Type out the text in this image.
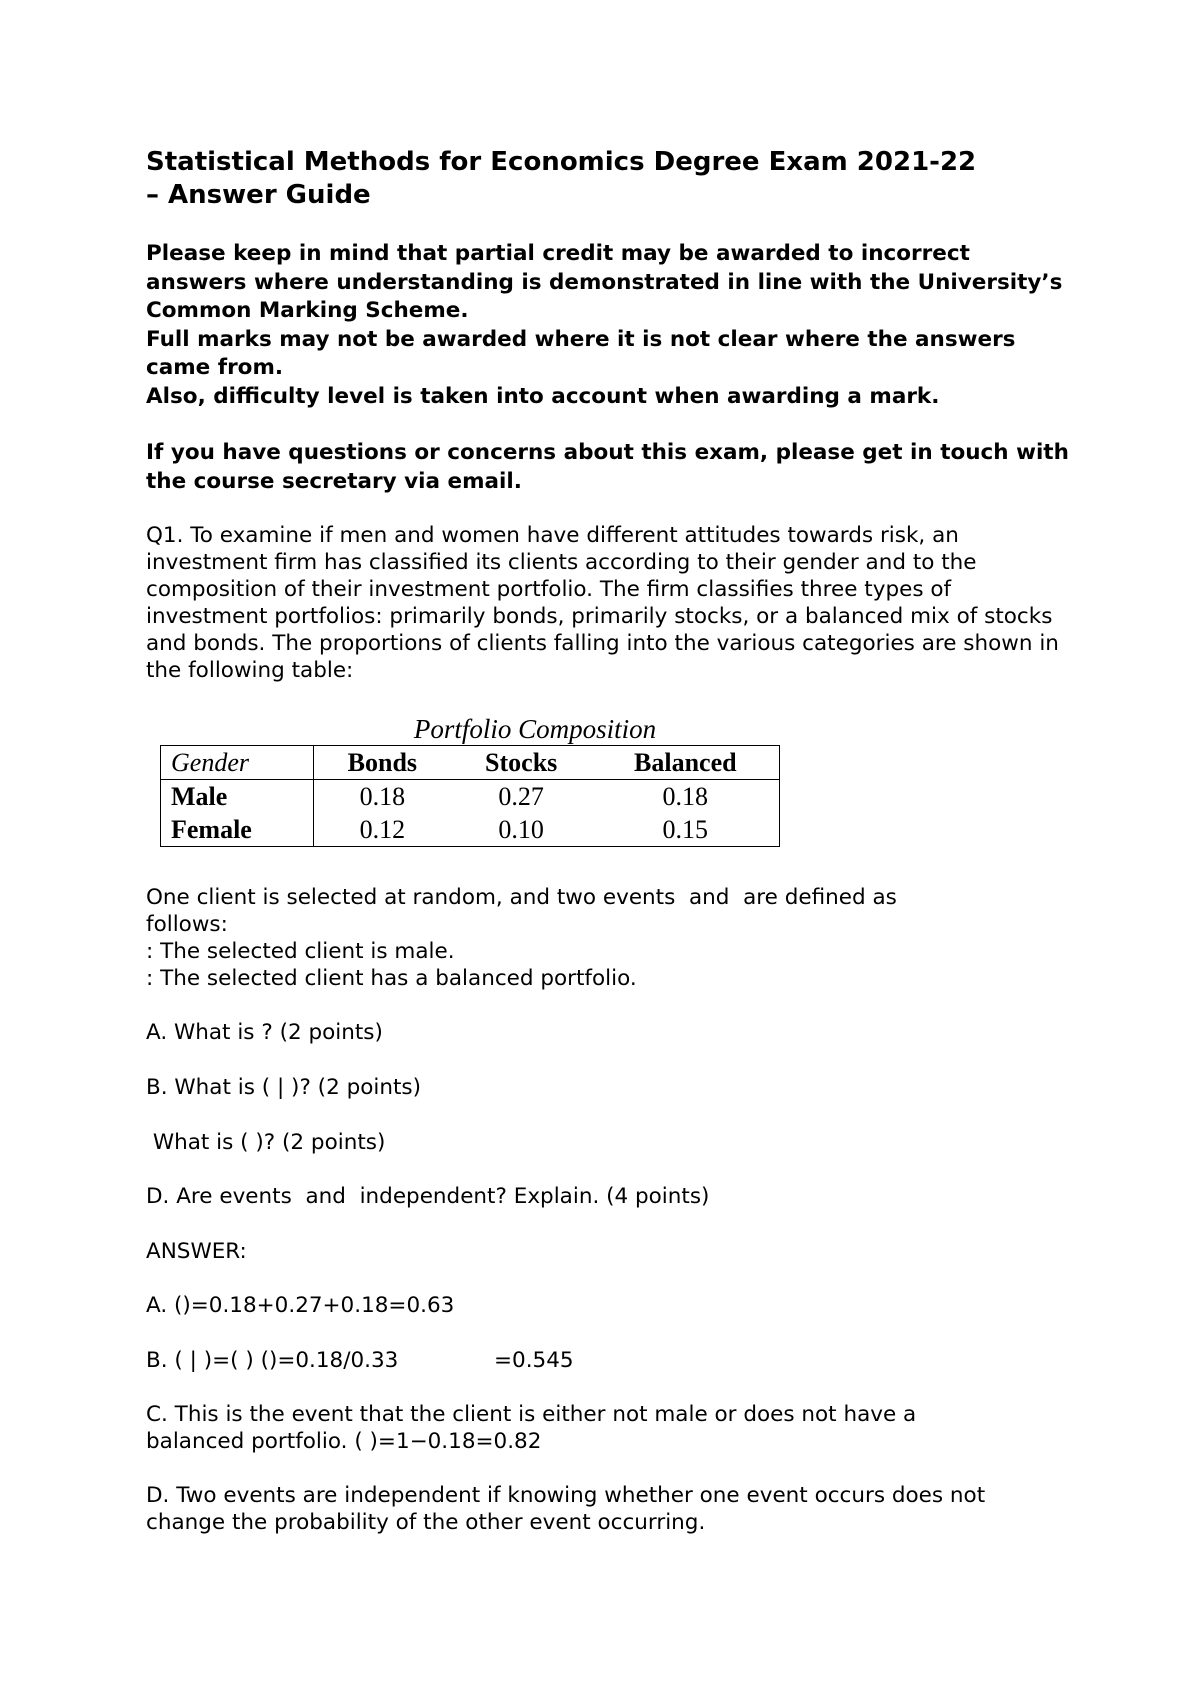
Statistical Methods for Economics Degree Exam 2021-22
– Answer Guide

Please keep in mind that partial credit may be awarded to incorrect answers where understanding is demonstrated in line with the University’s Common Marking Scheme.

Full marks may not be awarded where it is not clear where the answers came from.

Also, difficulty level is taken into account when awarding a mark.

If you have questions or concerns about this exam, please get in touch with the course secretary via email.

Q1. To examine if men and women have different attitudes towards risk, an investment firm has classified its clients according to their gender and to the composition of their investment portfolio. The firm classifies three types of investment portfolios: primarily bonds, primarily stocks, or a balanced mix of stocks and bonds. The proportions of clients falling into the various categories are shown in the following table:

Portfolio Composition
Gender	Bonds	Stocks	Balanced
Male	0.18	0.27	0.18
Female	0.12	0.10	0.15
One client is selected at random, and two events  and  are defined as
follows:
: The selected client is male.
: The selected client has a balanced portfolio.
A. What is ? (2 points)
B. What is ( | )? (2 points)
What is ( )? (2 points)
D. Are events  and  independent? Explain. (4 points)
ANSWER:
A. ()=0.18+0.27+0.18=0.63
B. ( | )=( ) ()=0.18/0.33              =0.545
C. This is the event that the client is either not male or does not have a
balanced portfolio. ( )=1−0.18=0.82
D. Two events are independent if knowing whether one event occurs does not
change the probability of the other event occurring.
